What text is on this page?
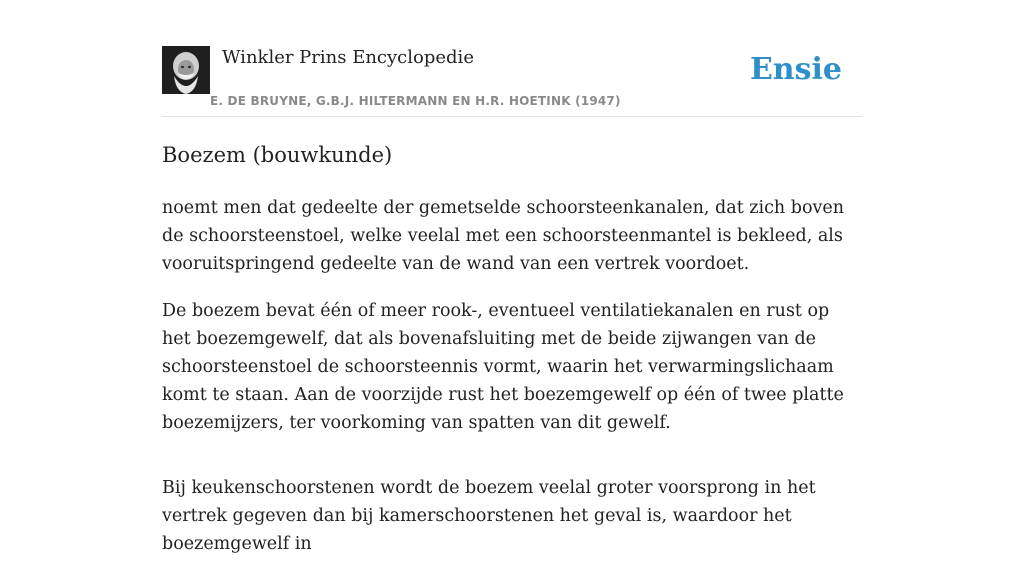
Winkler Prins Encyclopedie
E. DE BRUYNE, G.B.J. HILTERMANN EN H.R. HOETINK (1947)
Ensie
Boezem (bouwkunde)

noemt men dat gedeelte der gemetselde schoorsteenkanalen, dat zich boven de schoorsteenstoel, welke veelal met een schoorsteenmantel is bekleed, als vooruitspringend gedeelte van de wand van een vertrek voordoet.

De boezem bevat één of meer rook-, eventueel ventilatiekanalen en rust op het boezemgewelf, dat als bovenafsluiting met de beide zijwangen van de schoorsteenstoel de schoorsteennis vormt, waarin het verwarmingslichaam komt te staan. Aan de voorzijde rust het boezemgewelf op één of twee platte boezemijzers, ter voorkoming van spatten van dit gewelf.

Bij keukenschoorstenen wordt de boezem veelal groter voorsprong in het vertrek gegeven dan bij kamerschoorstenen het geval is, waardoor het boezemgewelf in
